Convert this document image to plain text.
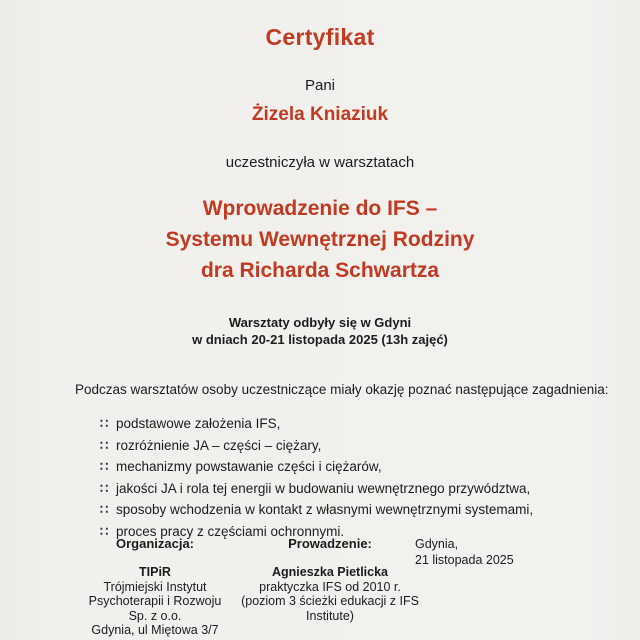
Certyfikat

Pani

Żizela Kniaziuk

uczestniczyła w warsztatach

Wprowadzenie do IFS –
Systemu Wewnętrznej Rodziny
dra Richarda Schwartza
Warsztaty odbyły się w Gdyni
w dniach 20-21 listopada 2025 (13h zajęć)

Podczas warsztatów osoby uczestniczące miały okazję poznać następujące zagadnienia:

∷ podstawowe założenia IFS,
∷ rozróżnienie JA – części – ciężary,
∷ mechanizmy powstawanie części i ciężarów,
∷ jakości JA i rola tej energii w budowaniu wewnętrznego przywództwa,
∷ sposoby wchodzenia w kontakt z własnymi wewnętrznymi systemami,
∷ proces pracy z częściami ochronnymi.
Organizacja:
TIPiR
Trójmiejski Instytut
Psychoterapii i Rozwoju
Sp. z o.o.
Gdynia, ul Miętowa 3/7
Prowadzenie:
Agnieszka Pietlicka
praktyczka IFS od 2010 r.
(poziom 3 ścieżki edukacji z IFS
Institute)
Gdynia,
21 listopada 2025
